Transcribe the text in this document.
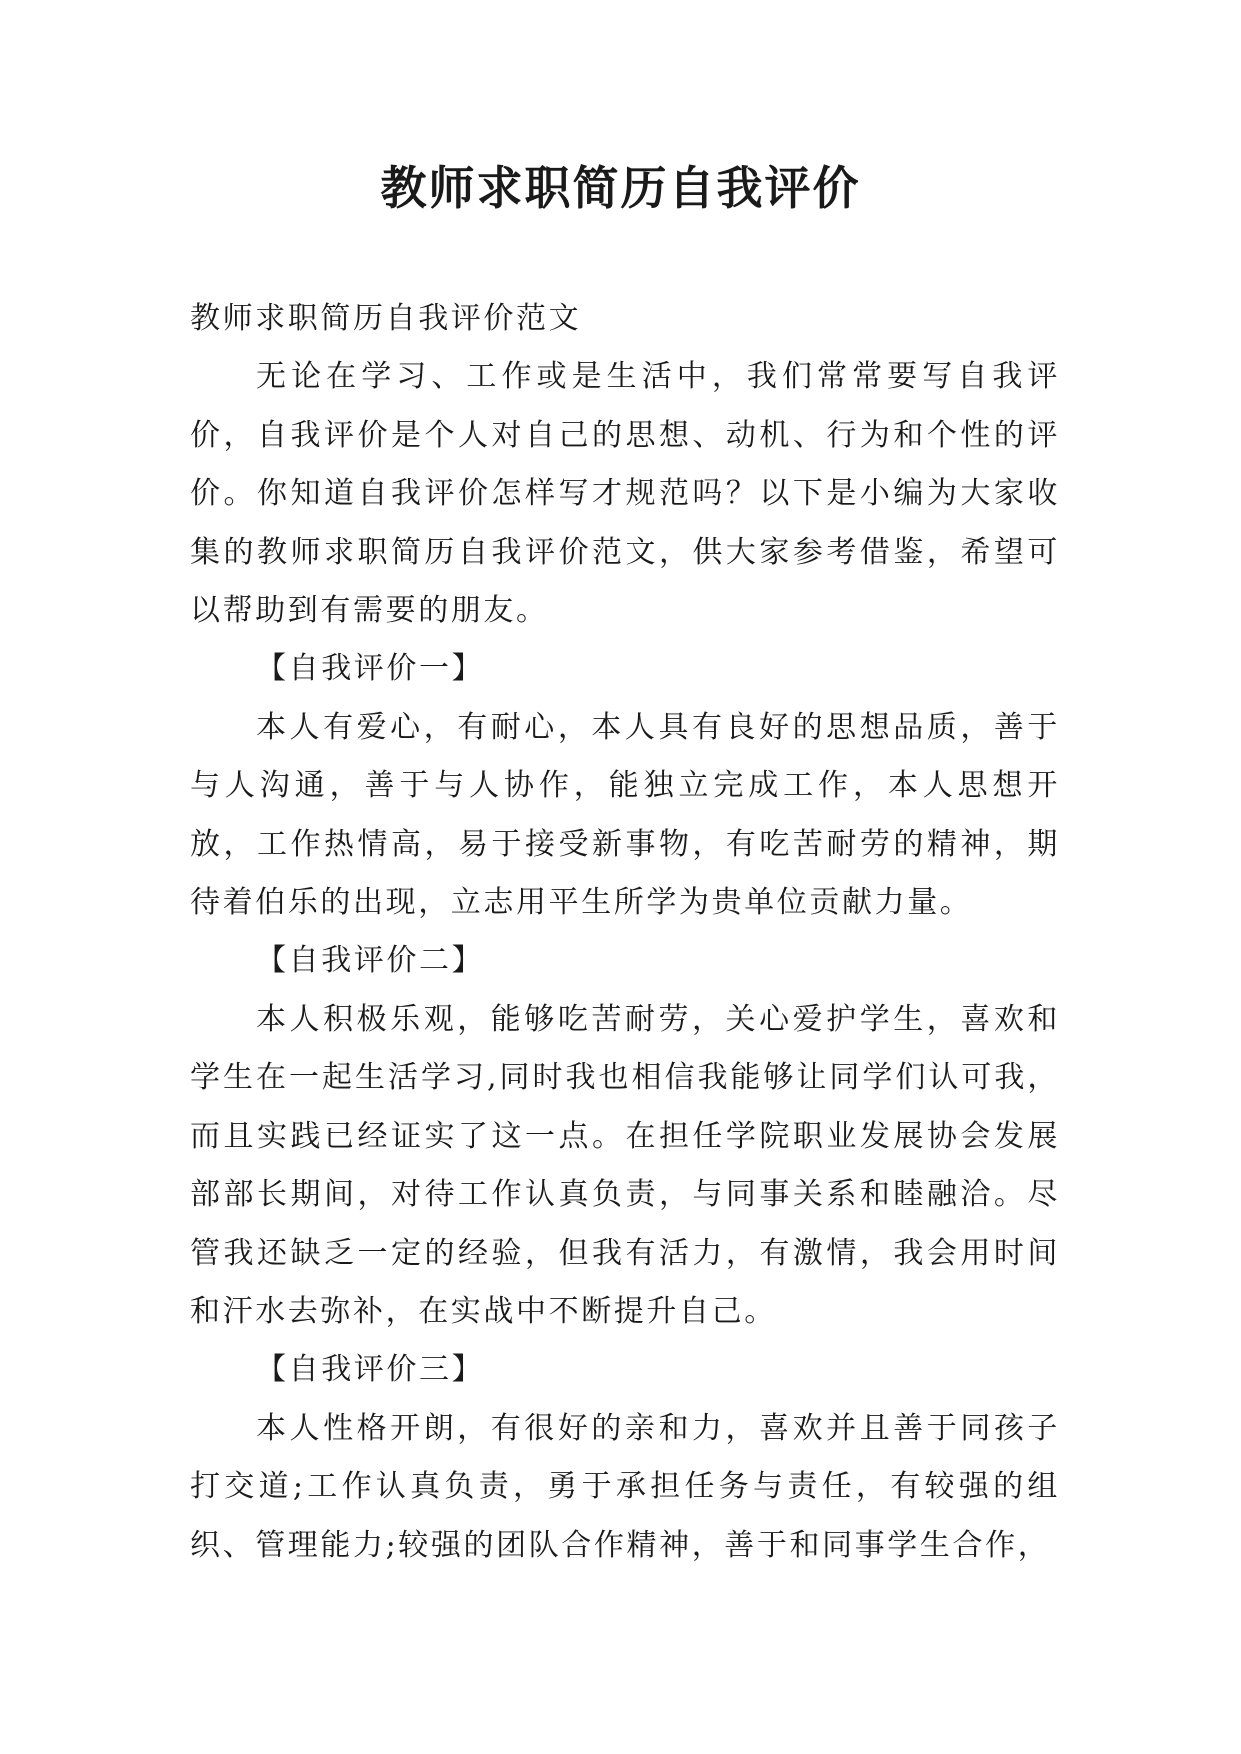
教师求职简历自我评价

教师求职简历自我评价范文

无论在学习、工作或是生活中，我们常常要写自我评价，自我评价是个人对自己的思想、动机、行为和个性的评价。你知道自我评价怎样写才规范吗？以下是小编为大家收集的教师求职简历自我评价范文，供大家参考借鉴，希望可以帮助到有需要的朋友。

【自我评价一】

本人有爱心，有耐心，本人具有良好的思想品质，善于与人沟通，善于与人协作，能独立完成工作，本人思想开放，工作热情高，易于接受新事物，有吃苦耐劳的精神，期待着伯乐的出现，立志用平生所学为贵单位贡献力量。

【自我评价二】

本人积极乐观，能够吃苦耐劳，关心爱护学生，喜欢和学生在一起生活学习,同时我也相信我能够让同学们认可我，而且实践已经证实了这一点。在担任学院职业发展协会发展部部长期间，对待工作认真负责，与同事关系和睦融洽。尽管我还缺乏一定的经验，但我有活力，有激情，我会用时间和汗水去弥补，在实战中不断提升自己。

【自我评价三】

本人性格开朗，有很好的亲和力，喜欢并且善于同孩子打交道;工作认真负责，勇于承担任务与责任，有较强的组织、管理能力;较强的团队合作精神，善于和同事学生合作，
